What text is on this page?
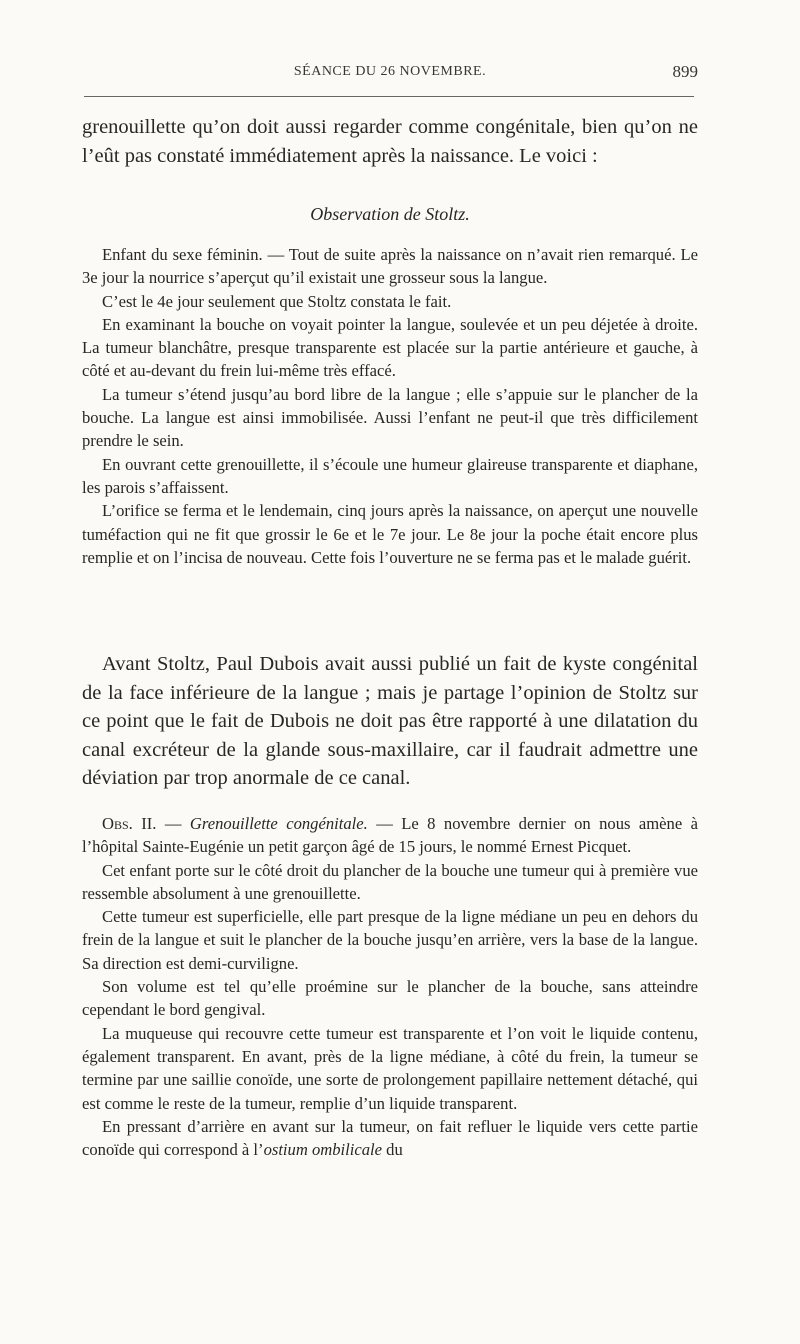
SÉANCE DU 26 NOVEMBRE.	899

grenouillette qu’on doit aussi regarder comme congénitale, bien qu’on ne l’eût pas constaté immédiatement après la naissance. Le voici :

Observation de Stoltz.

Enfant du sexe féminin. — Tout de suite après la naissance on n’avait rien remarqué. Le 3e jour la nourrice s’aperçut qu’il existait une grosseur sous la langue.

C’est le 4e jour seulement que Stoltz constata le fait.

En examinant la bouche on voyait pointer la langue, soulevée et un peu déjetée à droite. La tumeur blanchâtre, presque transparente est placée sur la partie antérieure et gauche, à côté et au-devant du frein lui-même très effacé.

La tumeur s’étend jusqu’au bord libre de la langue ; elle s’appuie sur le plancher de la bouche. La langue est ainsi immobilisée. Aussi l’enfant ne peut-il que très difficilement prendre le sein.

En ouvrant cette grenouillette, il s’écoule une humeur glaireuse transparente et diaphane, les parois s’affaissent.

L’orifice se ferma et le lendemain, cinq jours après la naissance, on aperçut une nouvelle tuméfaction qui ne fit que grossir le 6e et le 7e jour. Le 8e jour la poche était encore plus remplie et on l’incisa de nouveau. Cette fois l’ouverture ne se ferma pas et le malade guérit.

Avant Stoltz, Paul Dubois avait aussi publié un fait de kyste congénital de la face inférieure de la langue ; mais je partage l’opinion de Stoltz sur ce point que le fait de Dubois ne doit pas être rapporté à une dilatation du canal excréteur de la glande sous-maxillaire, car il faudrait admettre une déviation par trop anormale de ce canal.

Obs. II. — Grenouillette congénitale. — Le 8 novembre dernier on nous amène à l’hôpital Sainte-Eugénie un petit garçon âgé de 15 jours, le nommé Ernest Picquet.

Cet enfant porte sur le côté droit du plancher de la bouche une tumeur qui à première vue ressemble absolument à une grenouillette.

Cette tumeur est superficielle, elle part presque de la ligne médiane un peu en dehors du frein de la langue et suit le plancher de la bouche jusqu’en arrière, vers la base de la langue. Sa direction est demi-curviligne.

Son volume est tel qu’elle proémine sur le plancher de la bouche, sans atteindre cependant le bord gengival.

La muqueuse qui recouvre cette tumeur est transparente et l’on voit le liquide contenu, également transparent. En avant, près de la ligne médiane, à côté du frein, la tumeur se termine par une saillie conoïde, une sorte de prolongement papillaire nettement détaché, qui est comme le reste de la tumeur, remplie d’un liquide transparent.

En pressant d’arrière en avant sur la tumeur, on fait refluer le liquide vers cette partie conoïde qui correspond à l’ostium ombilicale du
